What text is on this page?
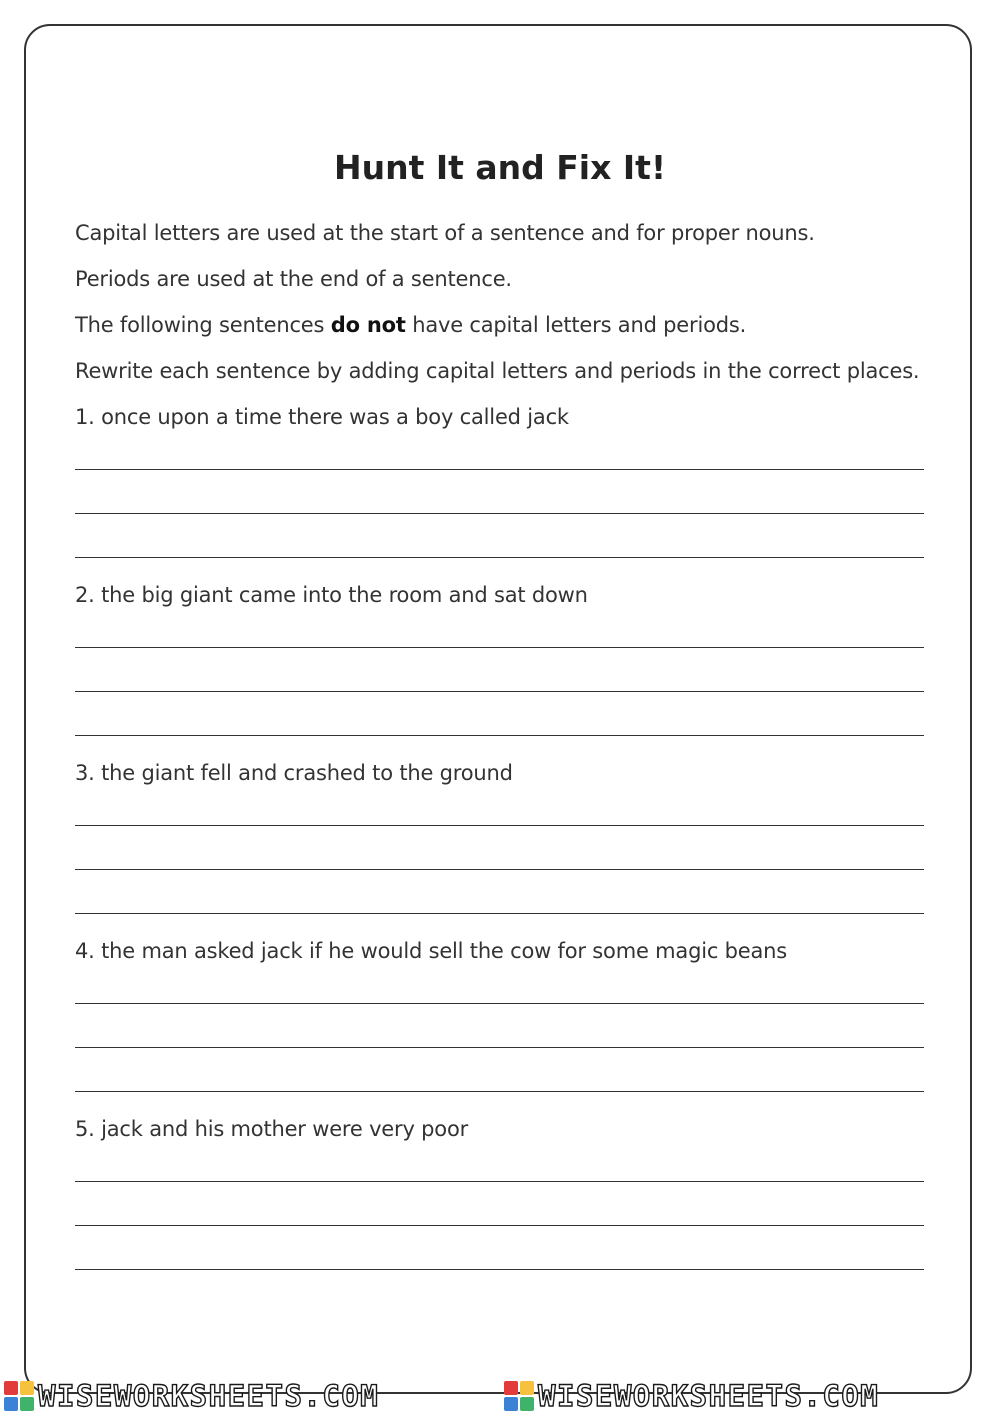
Hunt It and Fix It!

Capital letters are used at the start of a sentence and for proper nouns.

Periods are used at the end of a sentence.

The following sentences do not have capital letters and periods.

Rewrite each sentence by adding capital letters and periods in the correct places.

1. once upon a time there was a boy called jack

2. the big giant came into the room and sat down

3. the giant fell and crashed to the ground

4. the man asked jack if he would sell the cow for some magic beans

5. jack and his mother were very poor

WISEWORKSHEETS.COM	WISEWORKSHEETS.COM
